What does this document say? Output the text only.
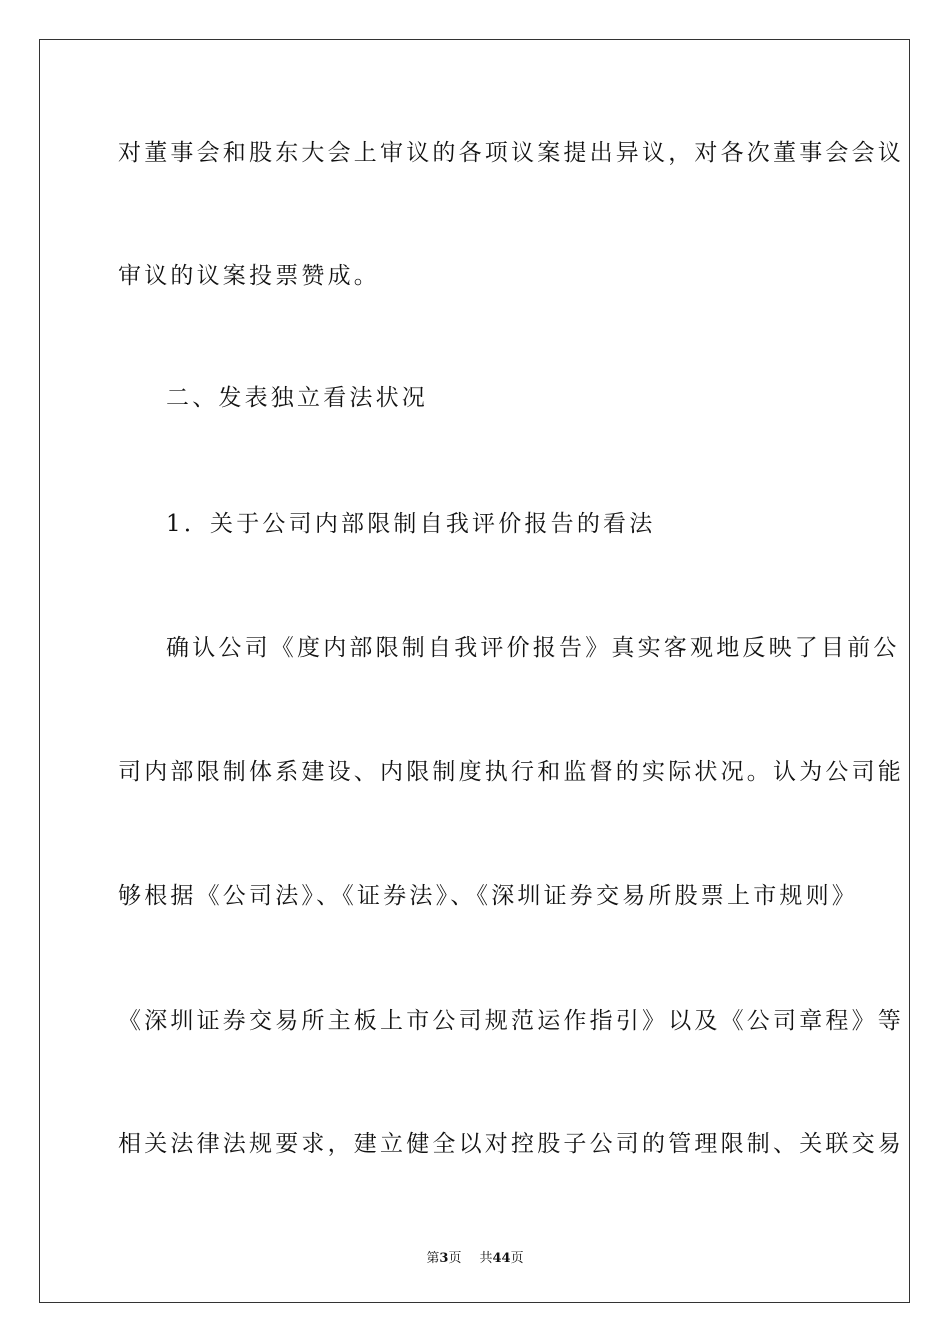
对董事会和股东大会上审议的各项议案提出异议，对各次董事会会议
审议的议案投票赞成。
二、发表独立看法状况
1．关于公司内部限制自我评价报告的看法
确认公司《度内部限制自我评价报告》真实客观地反映了目前公
司内部限制体系建设、内限制度执行和监督的实际状况。认为公司能
够根据《公司法》、《证券法》、《深圳证券交易所股票上市规则》
《深圳证券交易所主板上市公司规范运作指引》以及《公司章程》等
相关法律法规要求，建立健全以对控股子公司的管理限制、关联交易
第3页 共44页
